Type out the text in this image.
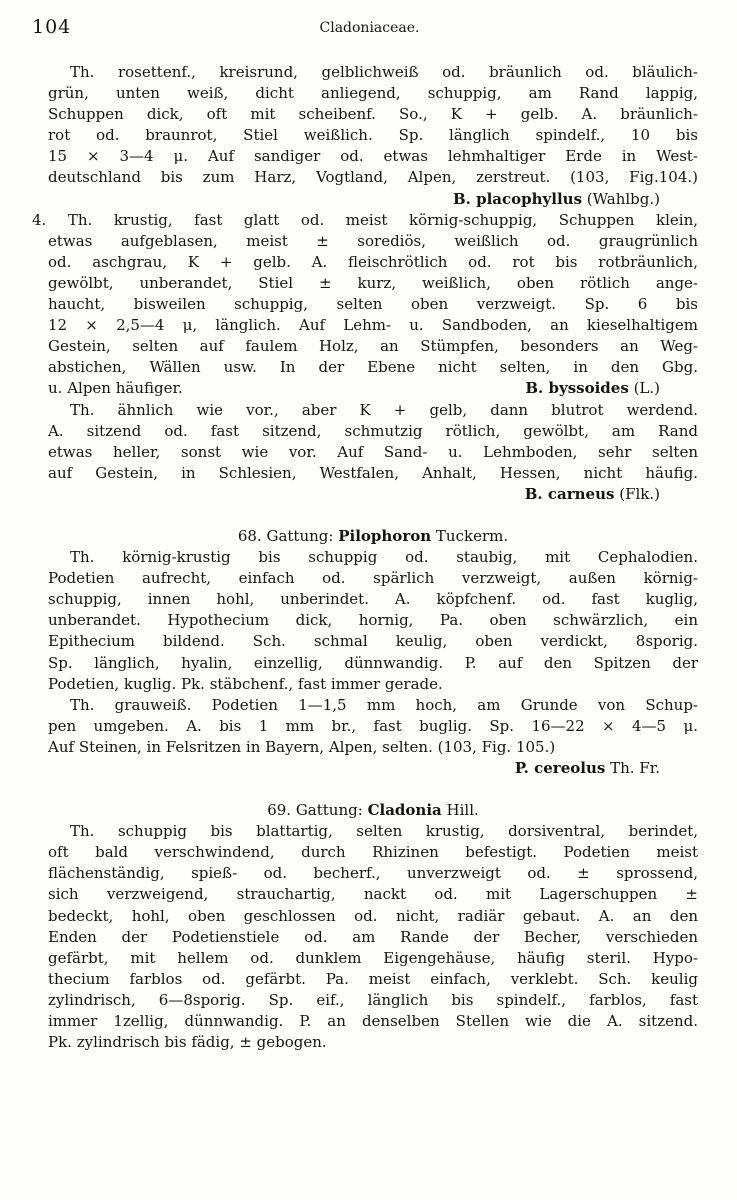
104	Cladoniaceae.
Th. rosettenf., kreisrund, gelblichweiß od. bräunlich od. bläulich-
grün, unten weiß, dicht anliegend, schuppig, am Rand lappig,
Schuppen dick, oft mit scheibenf. So., K + gelb. A. bräunlich-
rot od. braunrot, Stiel weißlich. Sp. länglich spindelf., 10 bis
15 × 3—4 μ. Auf sandiger od. etwas lehmhaltiger Erde in West-
deutschland bis zum Harz, Vogtland, Alpen, zerstreut. (103, Fig.104.)
B. placophyllus (Wahlbg.)
4. Th. krustig, fast glatt od. meist körnig-schuppig, Schuppen klein,
etwas aufgeblasen, meist ± sorediös, weißlich od. graugrünlich
od. aschgrau, K + gelb. A. fleischrötlich od. rot bis rotbräunlich,
gewölbt, unberandet, Stiel ± kurz, weißlich, oben rötlich ange-
haucht, bisweilen schuppig, selten oben verzweigt. Sp. 6 bis
12 × 2,5—4 μ, länglich. Auf Lehm- u. Sandboden, an kieselhaltigem
Gestein, selten auf faulem Holz, an Stümpfen, besonders an Weg-
abstichen, Wällen usw. In der Ebene nicht selten, in den Gbg.
u. Alpen häufiger.	B. byssoides (L.)
Th. ähnlich wie vor., aber K + gelb, dann blutrot werdend.
A. sitzend od. fast sitzend, schmutzig rötlich, gewölbt, am Rand
etwas heller, sonst wie vor. Auf Sand- u. Lehmboden, sehr selten
auf Gestein, in Schlesien, Westfalen, Anhalt, Hessen, nicht häufig.
B. carneus (Flk.)
68. Gattung: Pilophoron Tuckerm.
Th. körnig-krustig bis schuppig od. staubig, mit Cephalodien.
Podetien aufrecht, einfach od. spärlich verzweigt, außen körnig-
schuppig, innen hohl, unberindet. A. köpfchenf. od. fast kuglig,
unberandet. Hypothecium dick, hornig, Pa. oben schwärzlich, ein
Epithecium bildend. Sch. schmal keulig, oben verdickt, 8sporig.
Sp. länglich, hyalin, einzellig, dünnwandig. P. auf den Spitzen der
Podetien, kuglig. Pk. stäbchenf., fast immer gerade.
Th. grauweiß. Podetien 1—1,5 mm hoch, am Grunde von Schup-
pen umgeben. A. bis 1 mm br., fast buglig. Sp. 16—22 × 4—5 μ.
Auf Steinen, in Felsritzen in Bayern, Alpen, selten. (103, Fig. 105.)
P. cereolus Th. Fr.
69. Gattung: Cladonia Hill.
Th. schuppig bis blattartig, selten krustig, dorsiventral, berindet,
oft bald verschwindend, durch Rhizinen befestigt. Podetien meist
flächenständig, spieß- od. becherf., unverzweigt od. ± sprossend,
sich verzweigend, strauchartig, nackt od. mit Lagerschuppen ±
bedeckt, hohl, oben geschlossen od. nicht, radiär gebaut. A. an den
Enden der Podetienstiele od. am Rande der Becher, verschieden
gefärbt, mit hellem od. dunklem Eigengehäuse, häufig steril. Hypo-
thecium farblos od. gefärbt. Pa. meist einfach, verklebt. Sch. keulig
zylindrisch, 6—8sporig. Sp. eif., länglich bis spindelf., farblos, fast
immer 1zellig, dünnwandig. P. an denselben Stellen wie die A. sitzend.
Pk. zylindrisch bis fädig, ± gebogen.
